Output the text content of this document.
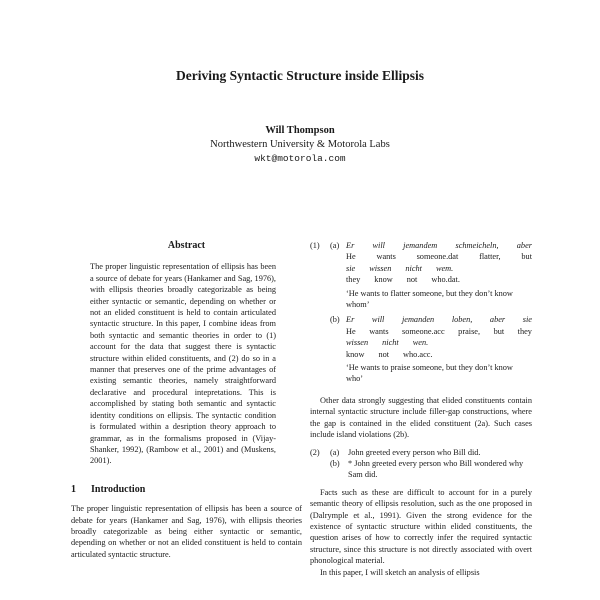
Deriving Syntactic Structure inside Ellipsis
Will Thompson
Northwestern University & Motorola Labs
wkt@motorola.com
Abstract

The proper linguistic representation of ellipsis has been a source of debate for years (Hankamer and Sag, 1976), with ellipsis theories broadly categorizable as being either syntactic or semantic, depending on whether or not an elided constituent is held to contain articulated syntactic structure. In this paper, I combine ideas from both syntactic and semantic theories in order to (1) account for the data that suggest there is syntactic structure within elided constituents, and (2) do so in a manner that preserves one of the prime advantages of existing semantic theories, namely straightforward declarative and procedural intepretations. This is accomplished by stating both semantic and syntactic identity conditions on ellipsis. The syntactic condition is formulated within a desription theory approach to grammar, as in the formalisms proposed in (Vijay-Shanker, 1992), (Rambow et al., 2001) and (Muskens, 2001).

1 Introduction

The proper linguistic representation of ellipsis has been a source of debate for years (Hankamer and Sag, 1976), with ellipsis theories broadly categorizable as being either syntactic or semantic, depending on whether or not an elided constituent is held to contain articulated syntactic structure.

(1) (a) Er will jemandem schmeicheln, aber
He	wants	someone.dat	flatter,	but
sie wissen nicht wem.
they know not who.dat.
‘He wants to flatter someone, but they don’t know whom’
(b) Er will jemanden loben, aber sie
He wants someone.acc praise, but they
wissen nicht wen.
know not who.acc.
‘He wants to praise someone, but they don’t know who’

Other data strongly suggesting that elided constituents contain internal syntactic structure include filler-gap constructions, where the gap is contained in the elided constituent (2a). Such cases include island violations (2b).

(2) (a) John greeted every person who Bill did.
(b) * John greeted every person who Bill wondered why Sam did.

Facts such as these are difficult to account for in a purely semantic theory of ellipsis resolution, such as the one proposed in (Dalrymple et al., 1991). Given the strong evidence for the existence of syntactic structure within elided constituents, the question arises of how to correctly infer the required syntactic structure, since this structure is not directly associated with overt phonological material.

In this paper, I will sketch an analysis of ellipsis
